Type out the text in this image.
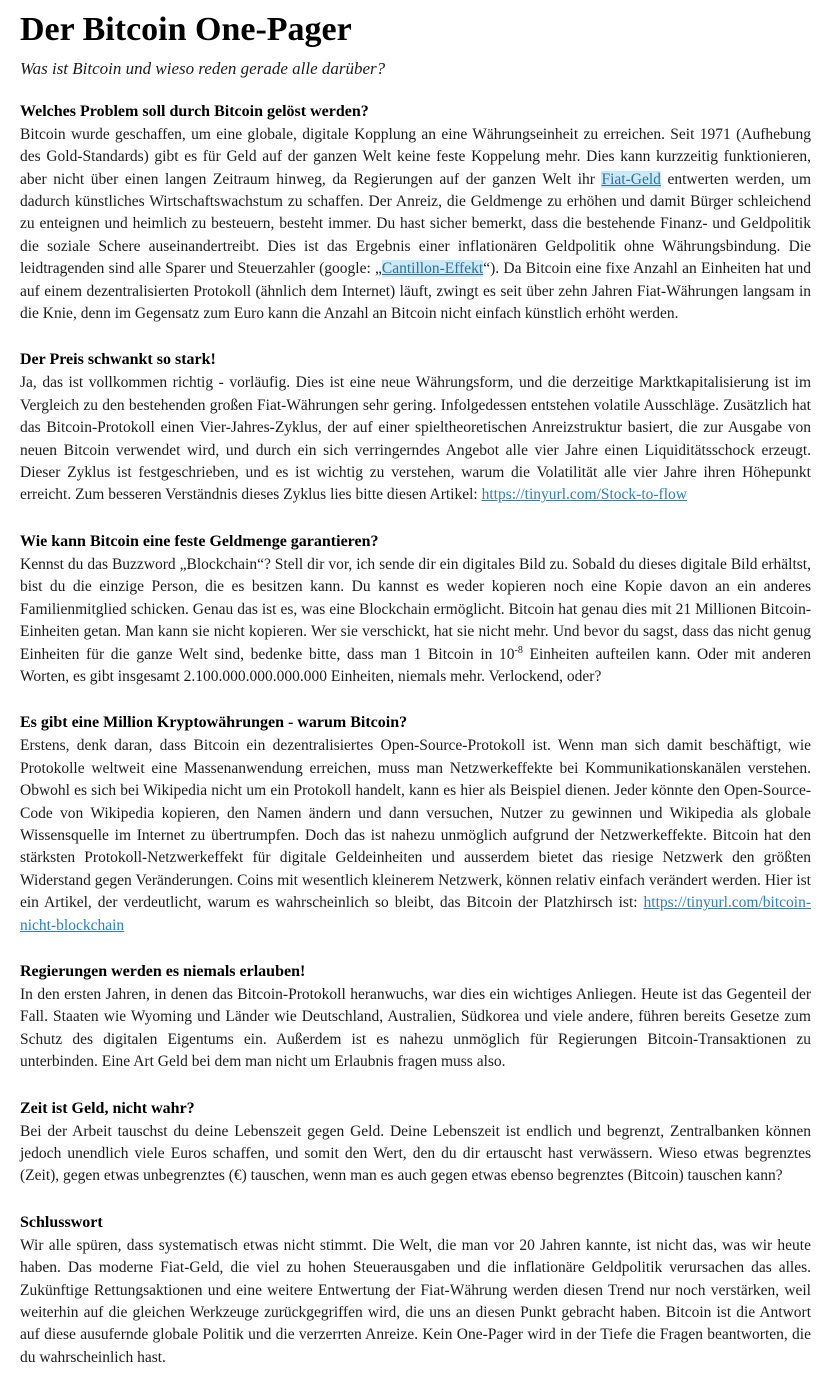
Der Bitcoin One-Pager

Was ist Bitcoin und wieso reden gerade alle darüber?

Welches Problem soll durch Bitcoin gelöst werden?

Bitcoin wurde geschaffen, um eine globale, digitale Kopplung an eine Währungseinheit zu erreichen. Seit 1971 (Aufhebung des Gold-Standards) gibt es für Geld auf der ganzen Welt keine feste Koppelung mehr. Dies kann kurzzeitig funktionieren, aber nicht über einen langen Zeitraum hinweg, da Regierungen auf der ganzen Welt ihr Fiat-Geld entwerten werden, um dadurch künstliches Wirtschaftswachstum zu schaffen. Der Anreiz, die Geldmenge zu erhöhen und damit Bürger schleichend zu enteignen und heimlich zu besteuern, besteht immer. Du hast sicher bemerkt, dass die bestehende Finanz- und Geldpolitik die soziale Schere auseinandertreibt. Dies ist das Ergebnis einer inflationären Geldpolitik ohne Währungsbindung. Die leidtragenden sind alle Sparer und Steuerzahler (google: „Cantillon-Effekt“). Da Bitcoin eine fixe Anzahl an Einheiten hat und auf einem dezentralisierten Protokoll (ähnlich dem Internet) läuft, zwingt es seit über zehn Jahren Fiat-Währungen langsam in die Knie, denn im Gegensatz zum Euro kann die Anzahl an Bitcoin nicht einfach künstlich erhöht werden.

Der Preis schwankt so stark!

Ja, das ist vollkommen richtig - vorläufig. Dies ist eine neue Währungsform, und die derzeitige Marktkapitalisierung ist im Vergleich zu den bestehenden großen Fiat-Währungen sehr gering. Infolgedessen entstehen volatile Ausschläge. Zusätzlich hat das Bitcoin-Protokoll einen Vier-Jahres-Zyklus, der auf einer spieltheoretischen Anreizstruktur basiert, die zur Ausgabe von neuen Bitcoin verwendet wird, und durch ein sich verringerndes Angebot alle vier Jahre einen Liquiditätsschock erzeugt. Dieser Zyklus ist festgeschrieben, und es ist wichtig zu verstehen, warum die Volatilität alle vier Jahre ihren Höhepunkt erreicht. Zum besseren Verständnis dieses Zyklus lies bitte diesen Artikel: https://tinyurl.com/Stock-to-flow

Wie kann Bitcoin eine feste Geldmenge garantieren?

Kennst du das Buzzword „Blockchain“? Stell dir vor, ich sende dir ein digitales Bild zu. Sobald du dieses digitale Bild erhältst, bist du die einzige Person, die es besitzen kann. Du kannst es weder kopieren noch eine Kopie davon an ein anderes Familienmitglied schicken. Genau das ist es, was eine Blockchain ermöglicht. Bitcoin hat genau dies mit 21 Millionen Bitcoin-Einheiten getan. Man kann sie nicht kopieren. Wer sie verschickt, hat sie nicht mehr. Und bevor du sagst, dass das nicht genug Einheiten für die ganze Welt sind, bedenke bitte, dass man 1 Bitcoin in $10^{-8}$ Einheiten aufteilen kann. Oder mit anderen Worten, es gibt insgesamt 2.100.000.000.000.000 Einheiten, niemals mehr. Verlockend, oder?

Es gibt eine Million Kryptowährungen - warum Bitcoin?

Erstens, denk daran, dass Bitcoin ein dezentralisiertes Open-Source-Protokoll ist. Wenn man sich damit beschäftigt, wie Protokolle weltweit eine Massenanwendung erreichen, muss man Netzwerkeffekte bei Kommunikationskanälen verstehen. Obwohl es sich bei Wikipedia nicht um ein Protokoll handelt, kann es hier als Beispiel dienen. Jeder könnte den Open-Source-Code von Wikipedia kopieren, den Namen ändern und dann versuchen, Nutzer zu gewinnen und Wikipedia als globale Wissensquelle im Internet zu übertrumpfen. Doch das ist nahezu unmöglich aufgrund der Netzwerkeffekte. Bitcoin hat den stärksten Protokoll-Netzwerkeffekt für digitale Geldeinheiten und ausserdem bietet das riesige Netzwerk den größten Widerstand gegen Veränderungen. Coins mit wesentlich kleinerem Netzwerk, können relativ einfach verändert werden. Hier ist ein Artikel, der verdeutlicht, warum es wahrscheinlich so bleibt, das Bitcoin der Platzhirsch ist: https://tinyurl.com/bitcoin-nicht-blockchain

Regierungen werden es niemals erlauben!

In den ersten Jahren, in denen das Bitcoin-Protokoll heranwuchs, war dies ein wichtiges Anliegen. Heute ist das Gegenteil der Fall. Staaten wie Wyoming und Länder wie Deutschland, Australien, Südkorea und viele andere, führen bereits Gesetze zum Schutz des digitalen Eigentums ein. Außerdem ist es nahezu unmöglich für Regierungen Bitcoin-Transaktionen zu unterbinden. Eine Art Geld bei dem man nicht um Erlaubnis fragen muss also.

Zeit ist Geld, nicht wahr?

Bei der Arbeit tauschst du deine Lebenszeit gegen Geld. Deine Lebenszeit ist endlich und begrenzt, Zentralbanken können jedoch unendlich viele Euros schaffen, und somit den Wert, den du dir ertauscht hast verwässern. Wieso etwas begrenztes (Zeit), gegen etwas unbegrenztes (€) tauschen, wenn man es auch gegen etwas ebenso begrenztes (Bitcoin) tauschen kann?

Schlusswort

Wir alle spüren, dass systematisch etwas nicht stimmt. Die Welt, die man vor 20 Jahren kannte, ist nicht das, was wir heute haben. Das moderne Fiat-Geld, die viel zu hohen Steuerausgaben und die inflationäre Geldpolitik verursachen das alles. Zukünftige Rettungsaktionen und eine weitere Entwertung der Fiat-Währung werden diesen Trend nur noch verstärken, weil weiterhin auf die gleichen Werkzeuge zurückgegriffen wird, die uns an diesen Punkt gebracht haben. Bitcoin ist die Antwort auf diese ausufernde globale Politik und die verzerrten Anreize. Kein One-Pager wird in der Tiefe die Fragen beantworten, die du wahrscheinlich hast.
